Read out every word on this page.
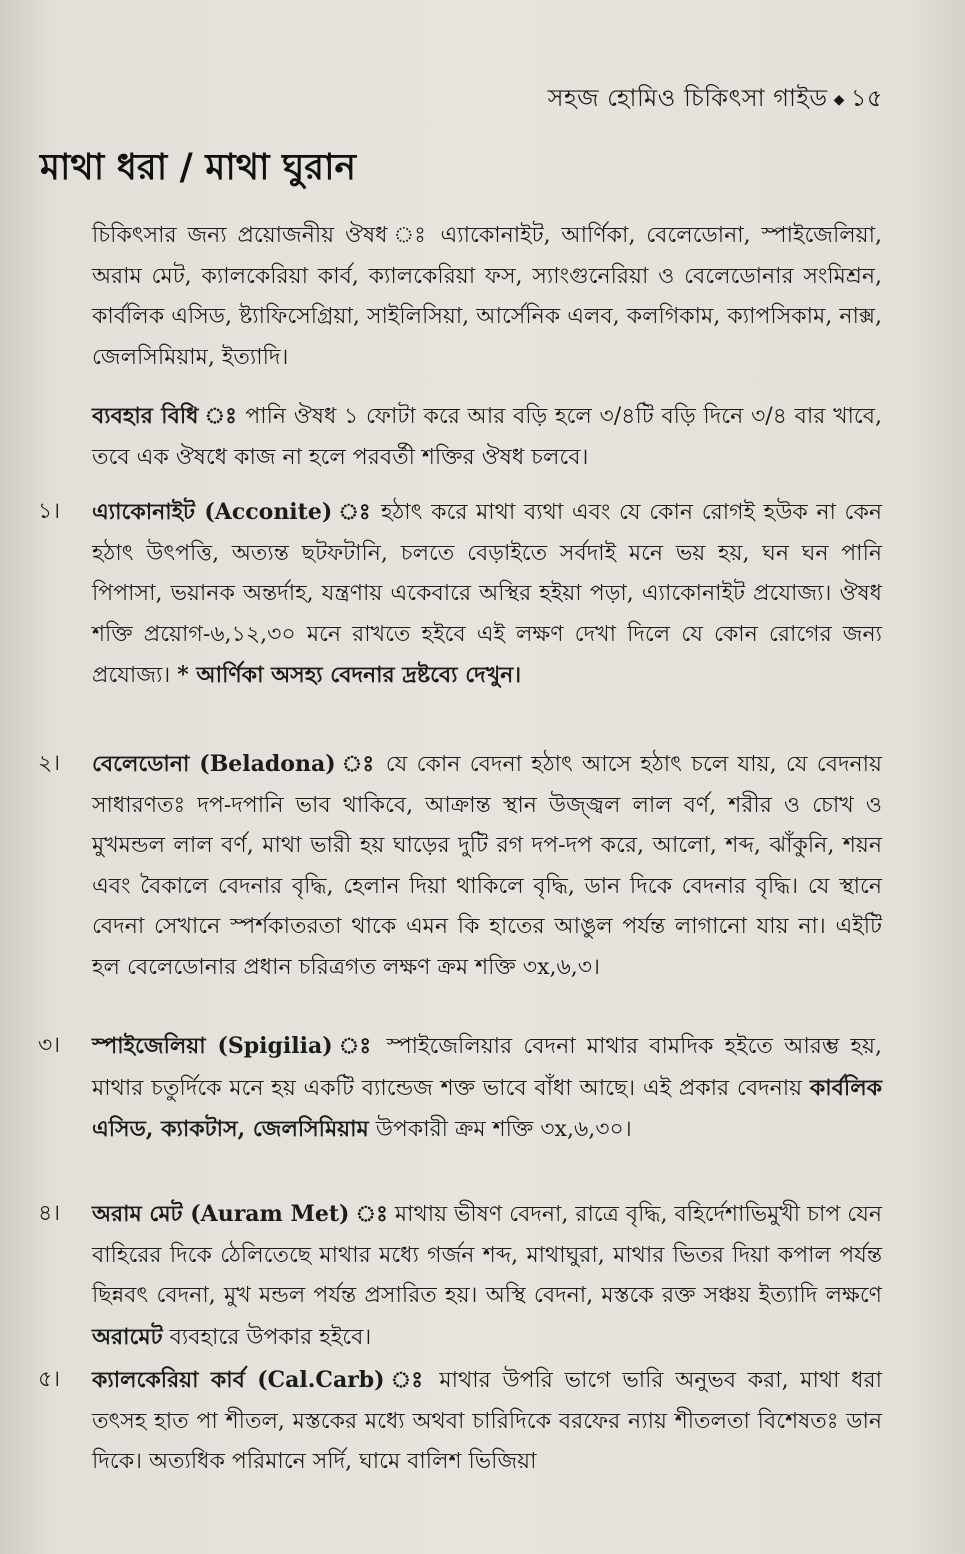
সহজ হোমিও চিকিৎসা গাইড ◆ ১৫
মাথা ধরা / মাথা ঘুরান
চিকিৎসার জন্য প্রয়োজনীয় ঔষধ ঃ এ্যাকোনাইট, আর্ণিকা, বেলেডোনা, স্পাইজেলিয়া, অরাম মেট, ক্যালকেরিয়া কার্ব, ক্যালকেরিয়া ফস, স্যাংগুনেরিয়া ও বেলেডোনার সংমিশ্রন, কার্বলিক এসিড, ষ্ট্যাফিসেগ্রিয়া, সাইলিসিয়া, আর্সেনিক এলব, কলগিকাম, ক্যাপসিকাম, নাক্স, জেলসিমিয়াম, ইত্যাদি।
ব্যবহার বিধি ঃ পানি ঔষধ ১ ফোটা করে আর বড়ি হলে ৩/৪টি বড়ি দিনে ৩/৪ বার খাবে, তবে এক ঔষধে কাজ না হলে পরবর্তী শক্তির ঔষধ চলবে।
১।	এ্যাকোনাইট (Acconite) ঃ হঠাৎ করে মাথা ব্যথা এবং যে কোন রোগই হউক না কেন হঠাৎ উৎপত্তি, অত্যন্ত ছটফটানি, চলতে বেড়াইতে সর্বদাই মনে ভয় হয়, ঘন ঘন পানি পিপাসা, ভয়ানক অন্তর্দাহ, যন্ত্রণায় একেবারে অস্থির হইয়া পড়া, এ্যাকোনাইট প্রযোজ্য। ঔষধ শক্তি প্রয়োগ-৬,১২,৩০ মনে রাখতে হইবে এই লক্ষণ দেখা দিলে যে কোন রোগের জন্য প্রযোজ্য। * আর্ণিকা অসহ্য বেদনার দ্রষ্টব্যে দেখুন।
২।	বেলেডোনা (Beladona) ঃ যে কোন বেদনা হঠাৎ আসে হঠাৎ চলে যায়, যে বেদনায় সাধারণতঃ দপ-দপানি ভাব থাকিবে, আক্রান্ত স্থান উজ্জ্বল লাল বর্ণ, শরীর ও চোখ ও মুখমন্ডল লাল বর্ণ, মাথা ভারী হয় ঘাড়ের দুটি রগ দপ-দপ করে, আলো, শব্দ, ঝাঁকুনি, শয়ন এবং বৈকালে বেদনার বৃদ্ধি, হেলান দিয়া থাকিলে বৃদ্ধি, ডান দিকে বেদনার বৃদ্ধি। যে স্থানে বেদনা সেখানে স্পর্শকাতরতা থাকে এমন কি হাতের আঙুল পর্যন্ত লাগানো যায় না। এইটি হল বেলেডোনার প্রধান চরিত্রগত লক্ষণ ক্রম শক্তি ৩x,৬,৩।
৩।	স্পাইজেলিয়া (Spigilia) ঃ স্পাইজেলিয়ার বেদনা মাথার বামদিক হইতে আরম্ভ হয়, মাথার চতুর্দিকে মনে হয় একটি ব্যান্ডেজ শক্ত ভাবে বাঁধা আছে। এই প্রকার বেদনায় কার্বলিক এসিড, ক্যাকটাস, জেলসিমিয়াম উপকারী ক্রম শক্তি ৩x,৬,৩০।
৪।	অরাম মেট (Auram Met) ঃ মাথায় ভীষণ বেদনা, রাত্রে বৃদ্ধি, বহির্দেশাভিমুখী চাপ যেন বাহিরের দিকে ঠেলিতেছে মাথার মধ্যে গর্জন শব্দ, মাথাঘুরা, মাথার ভিতর দিয়া কপাল পর্যন্ত ছিন্নবৎ বেদনা, মুখ মন্ডল পর্যন্ত প্রসারিত হয়। অস্থি বেদনা, মস্তকে রক্ত সঞ্চয় ইত্যাদি লক্ষণে অরামেট ব্যবহারে উপকার হইবে।
৫।	ক্যালকেরিয়া কার্ব (Cal.Carb) ঃ মাথার উপরি ভাগে ভারি অনুভব করা, মাথা ধরা তৎসহ হাত পা শীতল, মস্তকের মধ্যে অথবা চারিদিকে বরফের ন্যায় শীতলতা বিশেষতঃ ডান দিকে। অত্যধিক পরিমানে সর্দি, ঘামে বালিশ ভিজিয়া
